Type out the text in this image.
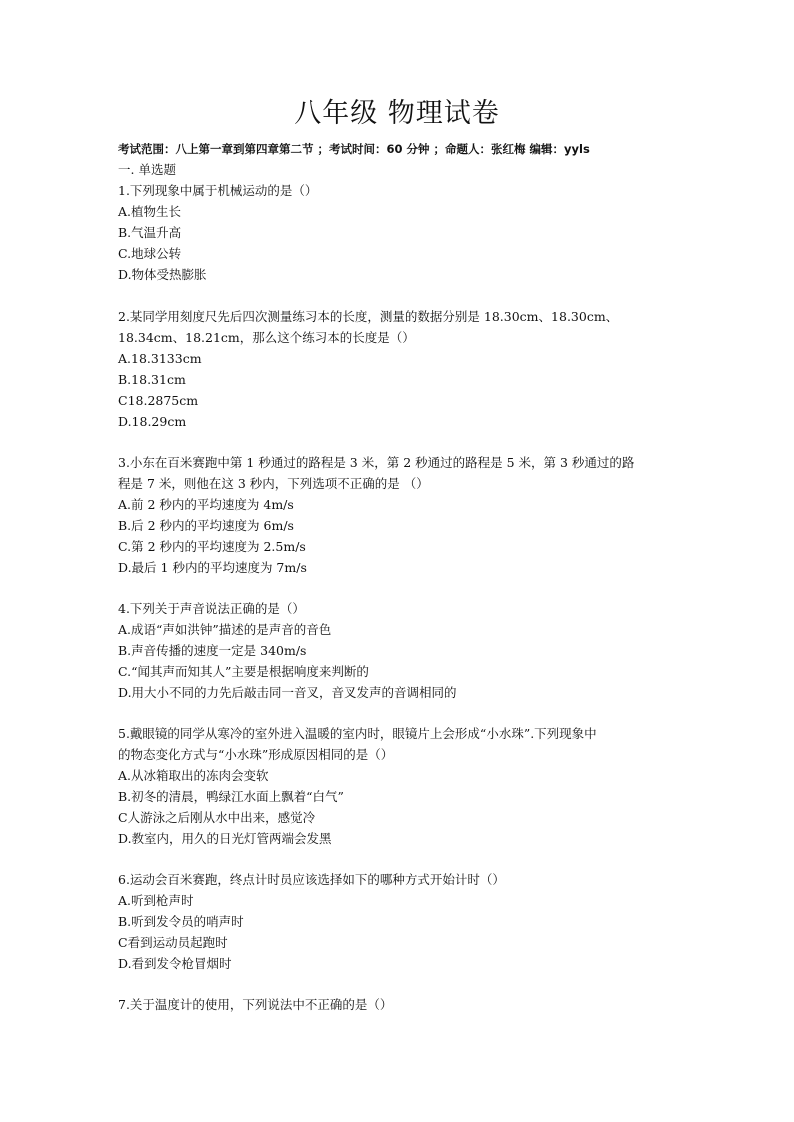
八年级 物理试卷
考试范围：八上第一章到第四章第二节 ；考试时间：60 分钟 ；命题人：张红梅 编辑：yyls
一. 单选题
1.下列现象中属于机械运动的是（）
A.植物生长
B.气温升高
C.地球公转
D.物体受热膨胀
2.某同学用刻度尺先后四次测量练习本的长度，测量的数据分别是 18.30cm、18.30cm、
18.34cm、18.21cm，那么这个练习本的长度是（）
A.18.3133cm
B.18.31cm
C18.2875cm
D.18.29cm
3.小东在百米赛跑中第 1 秒通过的路程是 3 米，第 2 秒通过的路程是 5 米，第 3 秒通过的路
程是 7 米，则他在这 3 秒内，下列选项不正确的是 （）
A.前 2 秒内的平均速度为 4m/s
B.后 2 秒内的平均速度为 6m/s
C.第 2 秒内的平均速度为 2.5m/s
D.最后 1 秒内的平均速度为 7m/s
4.下列关于声音说法正确的是（）
A.成语“声如洪钟”描述的是声音的音色
B.声音传播的速度一定是 340m/s
C.“闻其声而知其人”主要是根据响度来判断的
D.用大小不同的力先后敲击同一音叉，音叉发声的音调相同的
5.戴眼镜的同学从寒冷的室外进入温暖的室内时，眼镜片上会形成“小水珠”.下列现象中
的物态变化方式与“小水珠”形成原因相同的是（）
A.从冰箱取出的冻肉会变软
B.初冬的清晨，鸭绿江水面上飘着“白气”
C人游泳之后刚从水中出来，感觉冷
D.教室内，用久的日光灯管两端会发黑
6.运动会百米赛跑，终点计时员应该选择如下的哪种方式开始计时（）
A.听到枪声时
B.听到发令员的哨声时
C看到运动员起跑时
D.看到发令枪冒烟时
7.关于温度计的使用，下列说法中不正确的是（）
